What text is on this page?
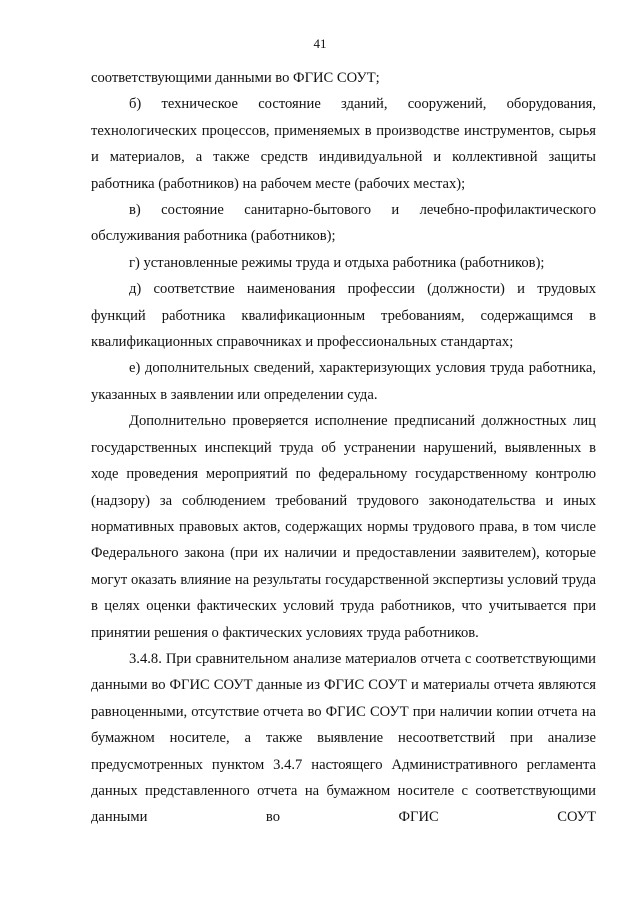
41

соответствующими данными во ФГИС СОУТ;

б) техническое состояние зданий, сооружений, оборудования, технологических процессов, применяемых в производстве инструментов, сырья и материалов, а также средств индивидуальной и коллективной защиты работника (работников) на рабочем месте (рабочих местах);

в) состояние санитарно-бытового и лечебно-профилактического обслуживания работника (работников);

г) установленные режимы труда и отдыха работника (работников);

д) соответствие наименования профессии (должности) и трудовых функций работника квалификационным требованиям, содержащимся в квалификационных справочниках и профессиональных стандартах;

е) дополнительных сведений, характеризующих условия труда работника, указанных в заявлении или определении суда.

Дополнительно проверяется исполнение предписаний должностных лиц государственных инспекций труда об устранении нарушений, выявленных в ходе проведения мероприятий по федеральному государственному контролю (надзору) за соблюдением требований трудового законодательства и иных нормативных правовых актов, содержащих нормы трудового права, в том числе Федерального закона (при их наличии и предоставлении заявителем), которые могут оказать влияние на результаты государственной экспертизы условий труда в целях оценки фактических условий труда работников, что учитывается при принятии решения о фактических условиях труда работников.

3.4.8. При сравнительном анализе материалов отчета с соответствующими данными во ФГИС СОУТ данные из ФГИС СОУТ и материалы отчета являются равноценными, отсутствие отчета во ФГИС СОУТ при наличии копии отчета на бумажном носителе, а также выявление несоответствий при анализе предусмотренных пунктом 3.4.7 настоящего Административного регламента данных представленного отчета на бумажном носителе с соответствующими данными во ФГИС СОУТ
